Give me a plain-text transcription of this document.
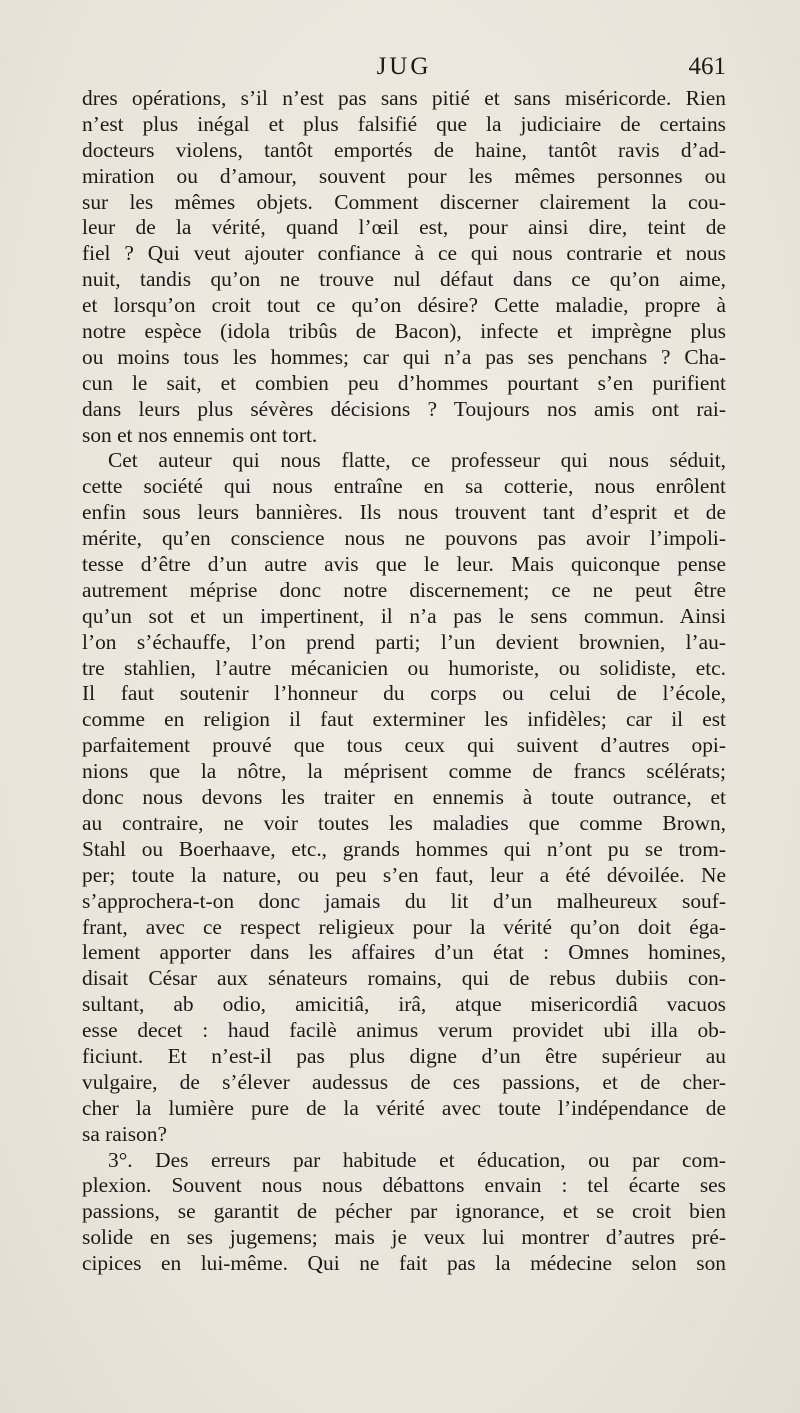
JUG	461
dres opérations, s’il n’est pas sans pitié et sans miséricorde. Rien
n’est plus inégal et plus falsifié que la judiciaire de certains
docteurs violens, tantôt emportés de haine, tantôt ravis d’ad-
miration ou d’amour, souvent pour les mêmes personnes ou
sur les mêmes objets. Comment discerner clairement la cou-
leur de la vérité, quand l’œil est, pour ainsi dire, teint de
fiel ? Qui veut ajouter confiance à ce qui nous contrarie et nous
nuit, tandis qu’on ne trouve nul défaut dans ce qu’on aime,
et lorsqu’on croit tout ce qu’on désire? Cette maladie, propre à
notre espèce (idola tribûs de Bacon), infecte et imprègne plus
ou moins tous les hommes; car qui n’a pas ses penchans ? Cha-
cun le sait, et combien peu d’hommes pourtant s’en purifient
dans leurs plus sévères décisions ? Toujours nos amis ont rai-
son et nos ennemis ont tort.
Cet auteur qui nous flatte, ce professeur qui nous séduit,
cette société qui nous entraîne en sa cotterie, nous enrôlent
enfin sous leurs bannières. Ils nous trouvent tant d’esprit et de
mérite, qu’en conscience nous ne pouvons pas avoir l’impoli-
tesse d’être d’un autre avis que le leur. Mais quiconque pense
autrement méprise donc notre discernement; ce ne peut être
qu’un sot et un impertinent, il n’a pas le sens commun. Ainsi
l’on s’échauffe, l’on prend parti; l’un devient brownien, l’au-
tre stahlien, l’autre mécanicien ou humoriste, ou solidiste, etc.
Il faut soutenir l’honneur du corps ou celui de l’école,
comme en religion il faut exterminer les infidèles; car il est
parfaitement prouvé que tous ceux qui suivent d’autres opi-
nions que la nôtre, la méprisent comme de francs scélérats;
donc nous devons les traiter en ennemis à toute outrance, et
au contraire, ne voir toutes les maladies que comme Brown,
Stahl ou Boerhaave, etc., grands hommes qui n’ont pu se trom-
per; toute la nature, ou peu s’en faut, leur a été dévoilée. Ne
s’approchera-t-on donc jamais du lit d’un malheureux souf-
frant, avec ce respect religieux pour la vérité qu’on doit éga-
lement apporter dans les affaires d’un état : Omnes homines,
disait César aux sénateurs romains, qui de rebus dubiis con-
sultant, ab odio, amicitiâ, irâ, atque misericordiâ vacuos
esse decet : haud facilè animus verum providet ubi illa ob-
ficiunt. Et n’est-il pas plus digne d’un être supérieur au
vulgaire, de s’élever audessus de ces passions, et de cher-
cher la lumière pure de la vérité avec toute l’indépendance de
sa raison?
3°. Des erreurs par habitude et éducation, ou par com-
plexion. Souvent nous nous débattons envain : tel écarte ses
passions, se garantit de pécher par ignorance, et se croit bien
solide en ses jugemens; mais je veux lui montrer d’autres pré-
cipices en lui-même. Qui ne fait pas la médecine selon son
